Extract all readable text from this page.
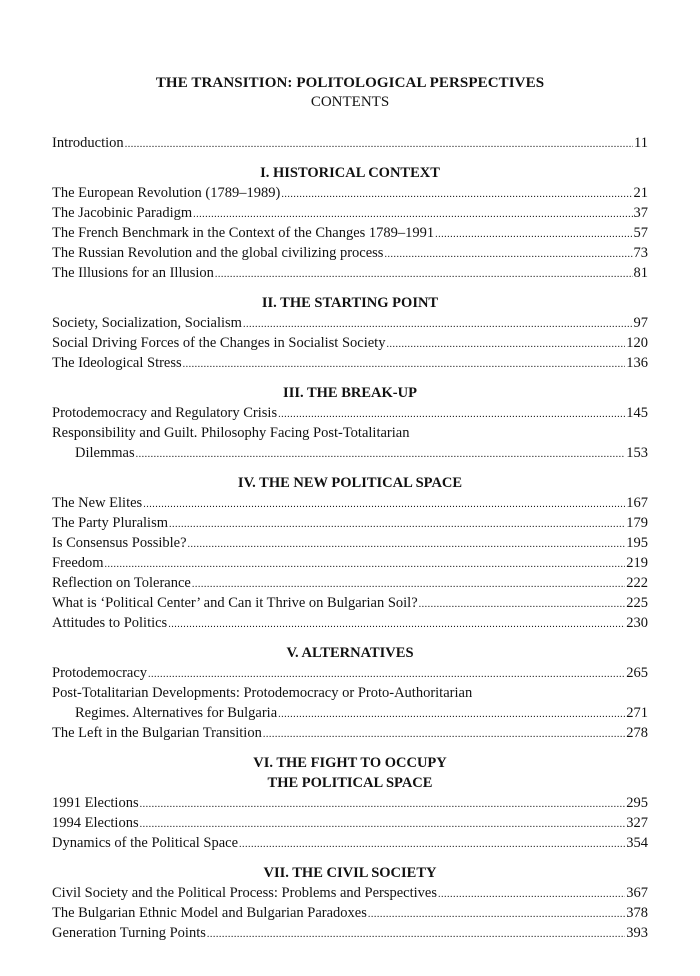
THE TRANSITION: POLITOLOGICAL PERSPECTIVES
CONTENTS
Introduction .....	11
I. HISTORICAL CONTEXT
The European Revolution (1789–1989) .....	21
The Jacobinic Paradigm .....	37
The French Benchmark in the Context of the Changes 1789–1991 .....	57
The Russian Revolution and the global civilizing process .....	73
The Illusions for an Illusion .....	81
II. THE STARTING POINT
Society, Socialization, Socialism .....	97
Social Driving Forces of the Changes in Socialist Society .....	120
The Ideological Stress .....	136
III. THE BREAK-UP
Protodemocracy and Regulatory Crisis .....	145
Responsibility and Guilt. Philosophy Facing Post-Totalitarian
Dilemmas .....	153
IV. THE NEW POLITICAL SPACE
The New Elites .....	167
The Party Pluralism .....	179
Is Consensus Possible? .....	195
Freedom .....	219
Reflection on Tolerance .....	222
What is ‘Political Center’ and Can it Thrive on Bulgarian Soil? .....	225
Attitudes to Politics .....	230
V. ALTERNATIVES
Protodemocracy .....	265
Post-Totalitarian Developments: Protodemocracy or Proto-Authoritarian
Regimes. Alternatives for Bulgaria .....	271
The Left in the Bulgarian Transition .....	278
VI. THE FIGHT TO OCCUPY
THE POLITICAL SPACE
1991 Elections .....	295
1994 Elections .....	327
Dynamics of the Political Space .....	354
VII. THE CIVIL SOCIETY
Civil Society and the Political Process: Problems and Perspectives .....	367
The Bulgarian Ethnic Model and Bulgarian Paradoxes .....	378
Generation Turning Points .....	393
